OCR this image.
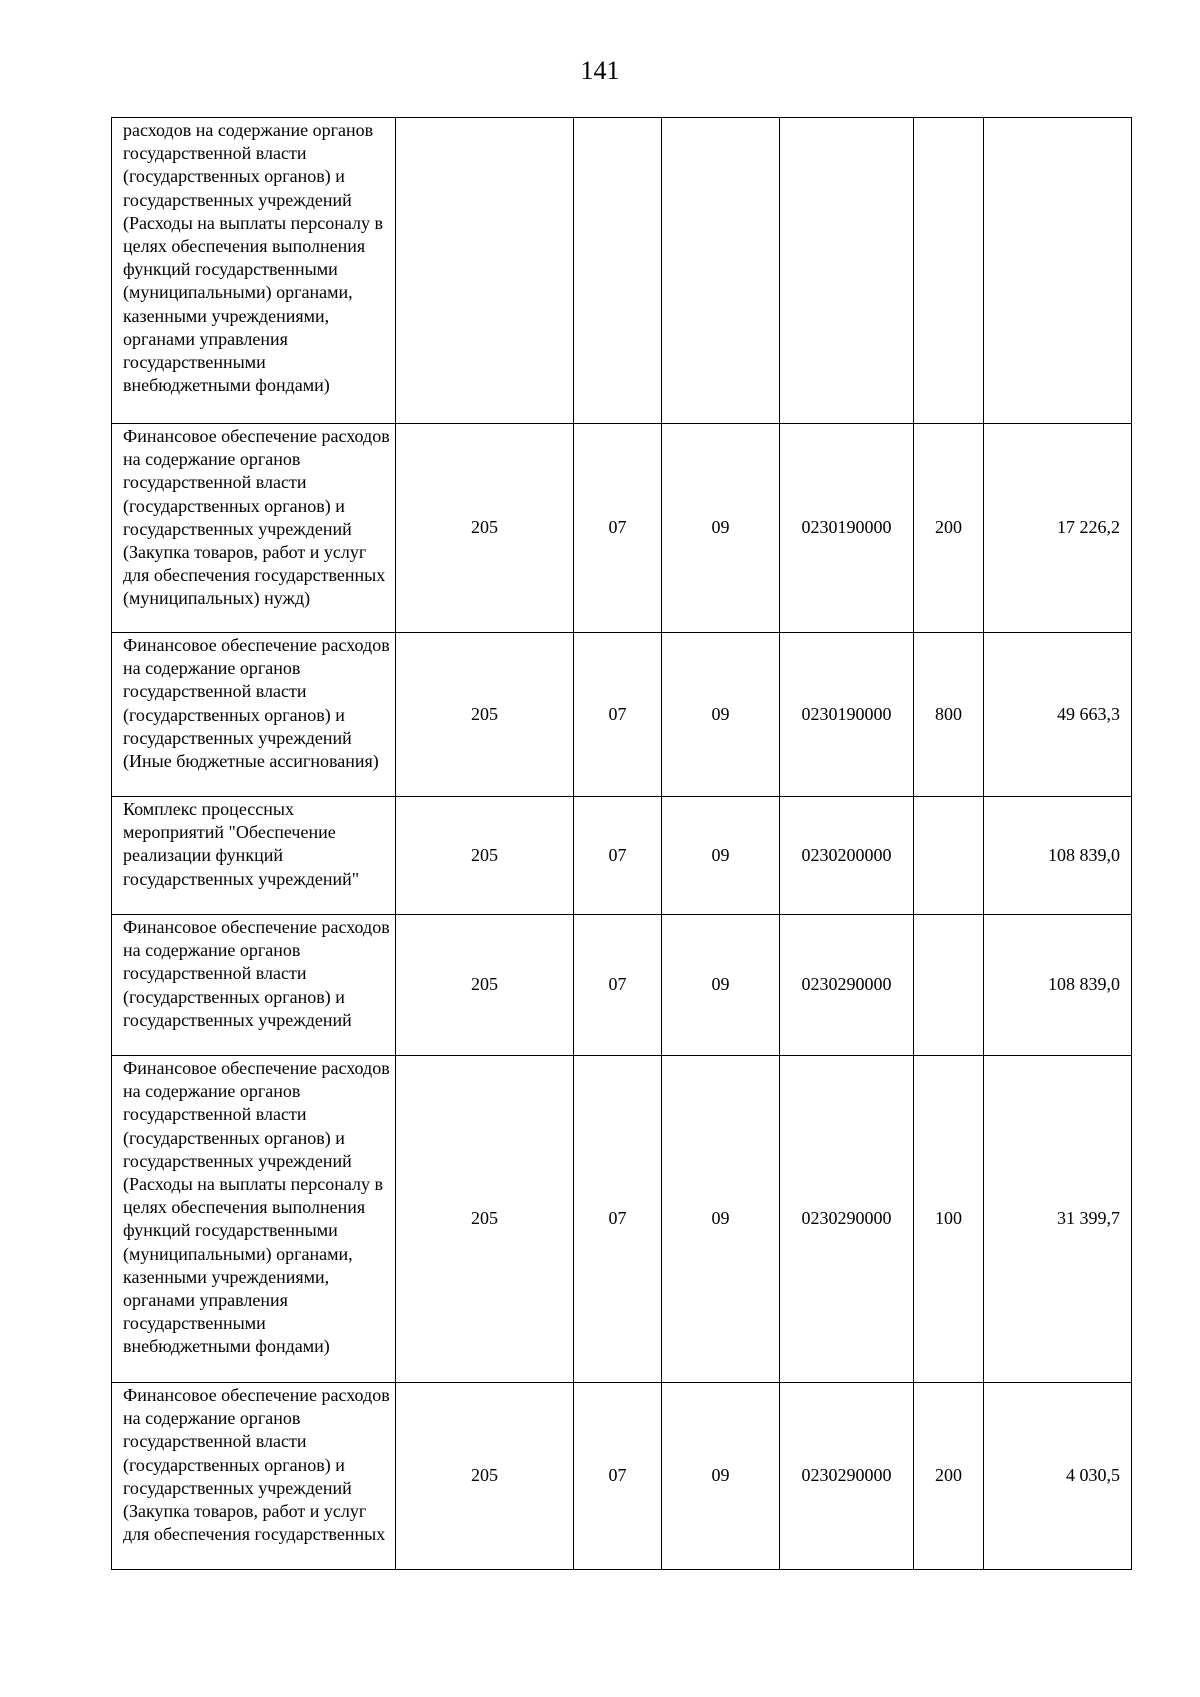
141
расходов на содержание органов государственной власти (государственных органов) и государственных учреждений (Расходы на выплаты персоналу в целях обеспечения выполнения функций государственными (муниципальными) органами, казенными учреждениями, органами управления государственными внебюджетными фондами)						
Финансовое обеспечение расходов на содержание органов государственной власти (государственных органов) и государственных учреждений (Закупка товаров, работ и услуг для обеспечения государственных (муниципальных) нужд)	205	07	09	0230190000	200	17 226,2
Финансовое обеспечение расходов на содержание органов государственной власти (государственных органов) и государственных учреждений (Иные бюджетные ассигнования)	205	07	09	0230190000	800	49 663,3
Комплекс процессных мероприятий "Обеспечение реализации функций государственных учреждений"	205	07	09	0230200000		108 839,0
Финансовое обеспечение расходов на содержание органов государственной власти (государственных органов) и государственных учреждений	205	07	09	0230290000		108 839,0
Финансовое обеспечение расходов на содержание органов государственной власти (государственных органов) и государственных учреждений (Расходы на выплаты персоналу в целях обеспечения выполнения функций государственными (муниципальными) органами, казенными учреждениями, органами управления государственными внебюджетными фондами)	205	07	09	0230290000	100	31 399,7
Финансовое обеспечение расходов на содержание органов государственной власти (государственных органов) и государственных учреждений (Закупка товаров, работ и услуг для обеспечения государственных	205	07	09	0230290000	200	4 030,5
